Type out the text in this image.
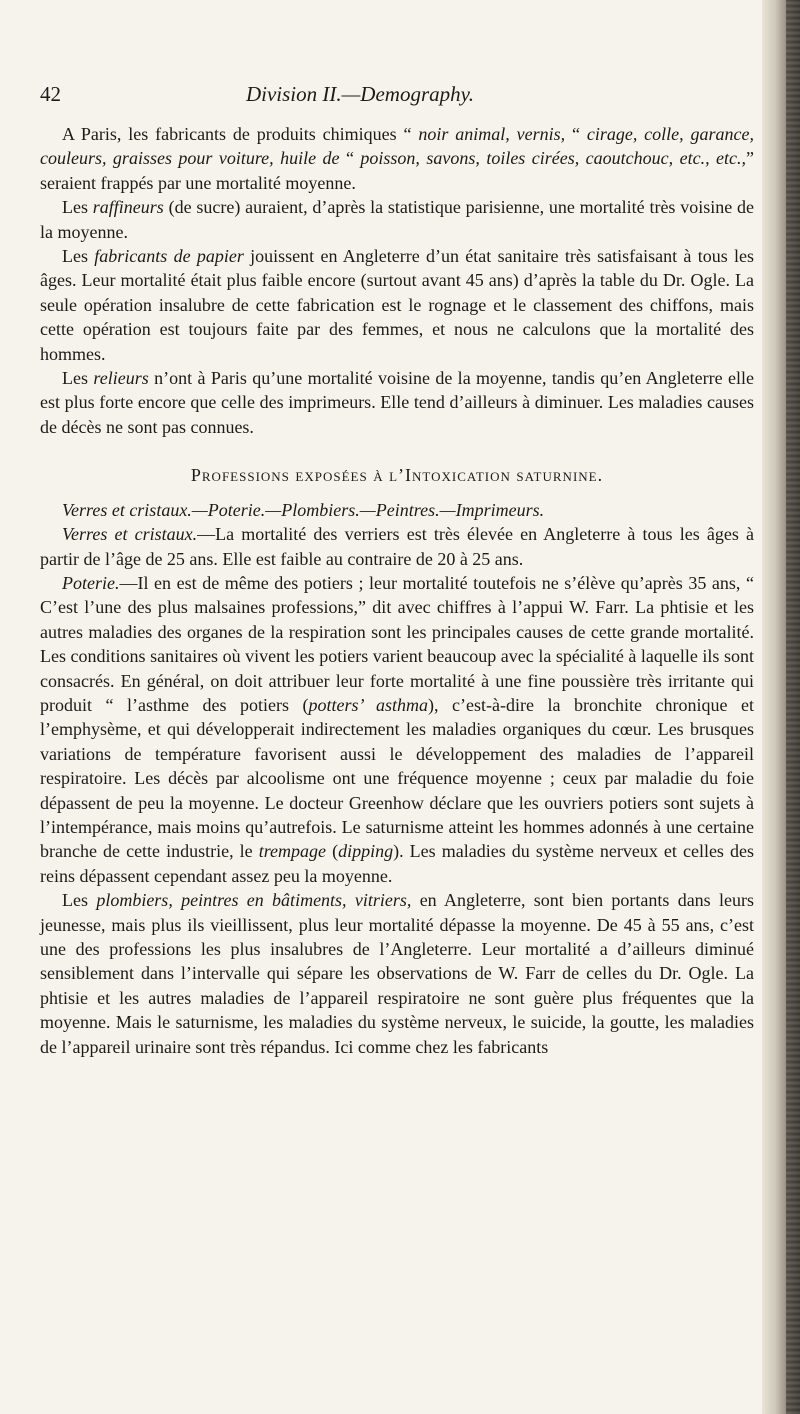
42	Division II.—Demography.

A Paris, les fabricants de produits chimiques “ noir animal, vernis, “ cirage, colle, garance, couleurs, graisses pour voiture, huile de “ poisson, savons, toiles cirées, caoutchouc, etc., etc.,” seraient frappés par une mortalité moyenne.

Les raffineurs (de sucre) auraient, d’après la statistique parisienne, une mortalité très voisine de la moyenne.

Les fabricants de papier jouissent en Angleterre d’un état sanitaire très satisfaisant à tous les âges. Leur mortalité était plus faible encore (surtout avant 45 ans) d’après la table du Dr. Ogle. La seule opération insalubre de cette fabrication est le rognage et le classement des chiffons, mais cette opération est toujours faite par des femmes, et nous ne calculons que la mortalité des hommes.

Les relieurs n’ont à Paris qu’une mortalité voisine de la moyenne, tandis qu’en Angleterre elle est plus forte encore que celle des imprimeurs. Elle tend d’ailleurs à diminuer. Les maladies causes de décès ne sont pas connues.

Professions exposées à l’Intoxication saturnine.

Verres et cristaux.—Poterie.—Plombiers.—Peintres.—Imprimeurs.

Verres et cristaux.—La mortalité des verriers est très élevée en Angleterre à tous les âges à partir de l’âge de 25 ans. Elle est faible au contraire de 20 à 25 ans.

Poterie.—Il en est de même des potiers ; leur mortalité toutefois ne s’élève qu’après 35 ans, “ C’est l’une des plus malsaines professions,” dit avec chiffres à l’appui W. Farr. La phtisie et les autres maladies des organes de la respiration sont les principales causes de cette grande mortalité. Les conditions sanitaires où vivent les potiers varient beaucoup avec la spécialité à laquelle ils sont consacrés. En général, on doit attribuer leur forte mortalité à une fine poussière très irritante qui produit “ l’asthme des potiers (potters’ asthma), c’est-à-dire la bronchite chronique et l’emphysème, et qui développerait indirectement les maladies organiques du cœur. Les brusques variations de température favorisent aussi le développement des maladies de l’appareil respiratoire. Les décès par alcoolisme ont une fréquence moyenne ; ceux par maladie du foie dépassent de peu la moyenne. Le docteur Greenhow déclare que les ouvriers potiers sont sujets à l’intempérance, mais moins qu’autrefois. Le saturnisme atteint les hommes adonnés à une certaine branche de cette industrie, le trempage (dipping). Les maladies du système nerveux et celles des reins dépassent cependant assez peu la moyenne.

Les plombiers, peintres en bâtiments, vitriers, en Angleterre, sont bien portants dans leurs jeunesse, mais plus ils vieillissent, plus leur mortalité dépasse la moyenne. De 45 à 55 ans, c’est une des professions les plus insalubres de l’Angleterre. Leur mortalité a d’ailleurs diminué sensiblement dans l’intervalle qui sépare les observations de W. Farr de celles du Dr. Ogle. La phtisie et les autres maladies de l’appareil respiratoire ne sont guère plus fréquentes que la moyenne. Mais le saturnisme, les maladies du système nerveux, le suicide, la goutte, les maladies de l’appareil urinaire sont très répandus. Ici comme chez les fabricants
